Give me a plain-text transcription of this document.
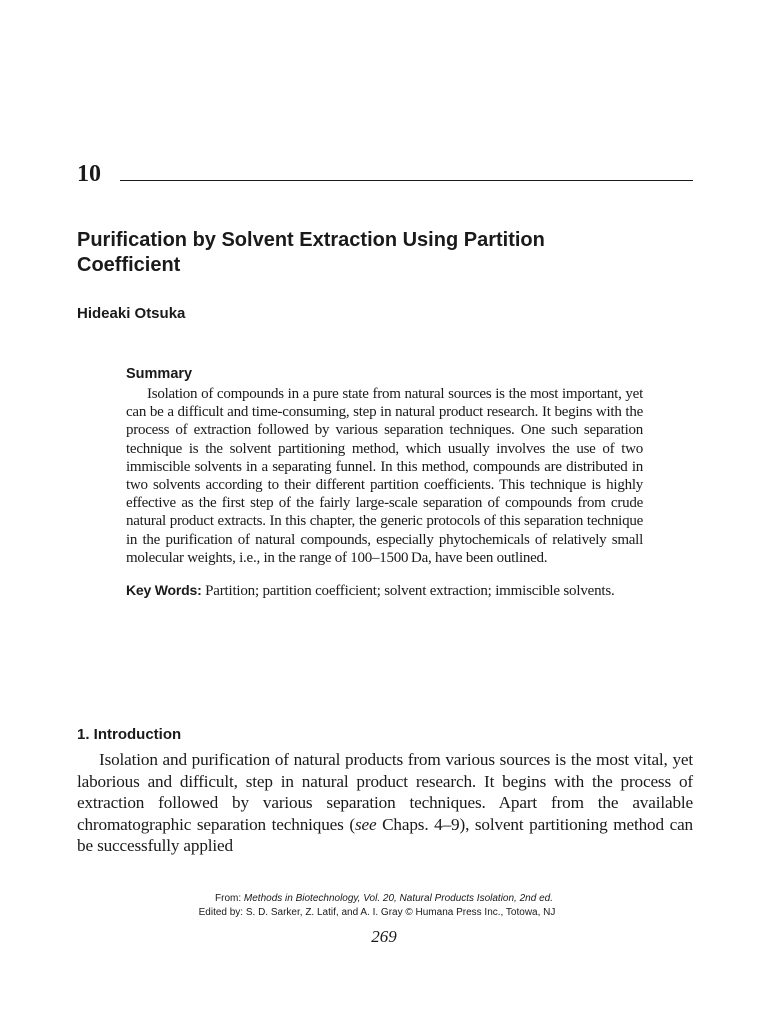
10
Purification by Solvent Extraction Using Partition Coefficient

Hideaki Otsuka

Summary

Isolation of compounds in a pure state from natural sources is the most important, yet can be a difficult and time-consuming, step in natural product research. It begins with the process of extraction followed by various separation techniques. One such separation technique is the solvent partitioning method, which usually involves the use of two immiscible solvents in a separating funnel. In this method, compounds are distributed in two solvents according to their different partition coefficients. This technique is highly effective as the first step of the fairly large-scale separation of compounds from crude natural product extracts. In this chapter, the generic protocols of this separation technique in the purification of natural compounds, especially phytochemicals of relatively small molecular weights, i.e., in the range of 100–1500 Da, have been outlined.

Key Words: Partition; partition coefficient; solvent extraction; immiscible solvents.

1. Introduction

Isolation and purification of natural products from various sources is the most vital, yet laborious and difficult, step in natural product research. It begins with the process of extraction followed by various separation techniques. Apart from the available chromatographic separation techniques (see Chaps. 4–9), solvent partitioning method can be successfully applied

From: Methods in Biotechnology, Vol. 20, Natural Products Isolation, 2nd ed.
Edited by: S. D. Sarker, Z. Latif, and A. I. Gray © Humana Press Inc., Totowa, NJ
269
